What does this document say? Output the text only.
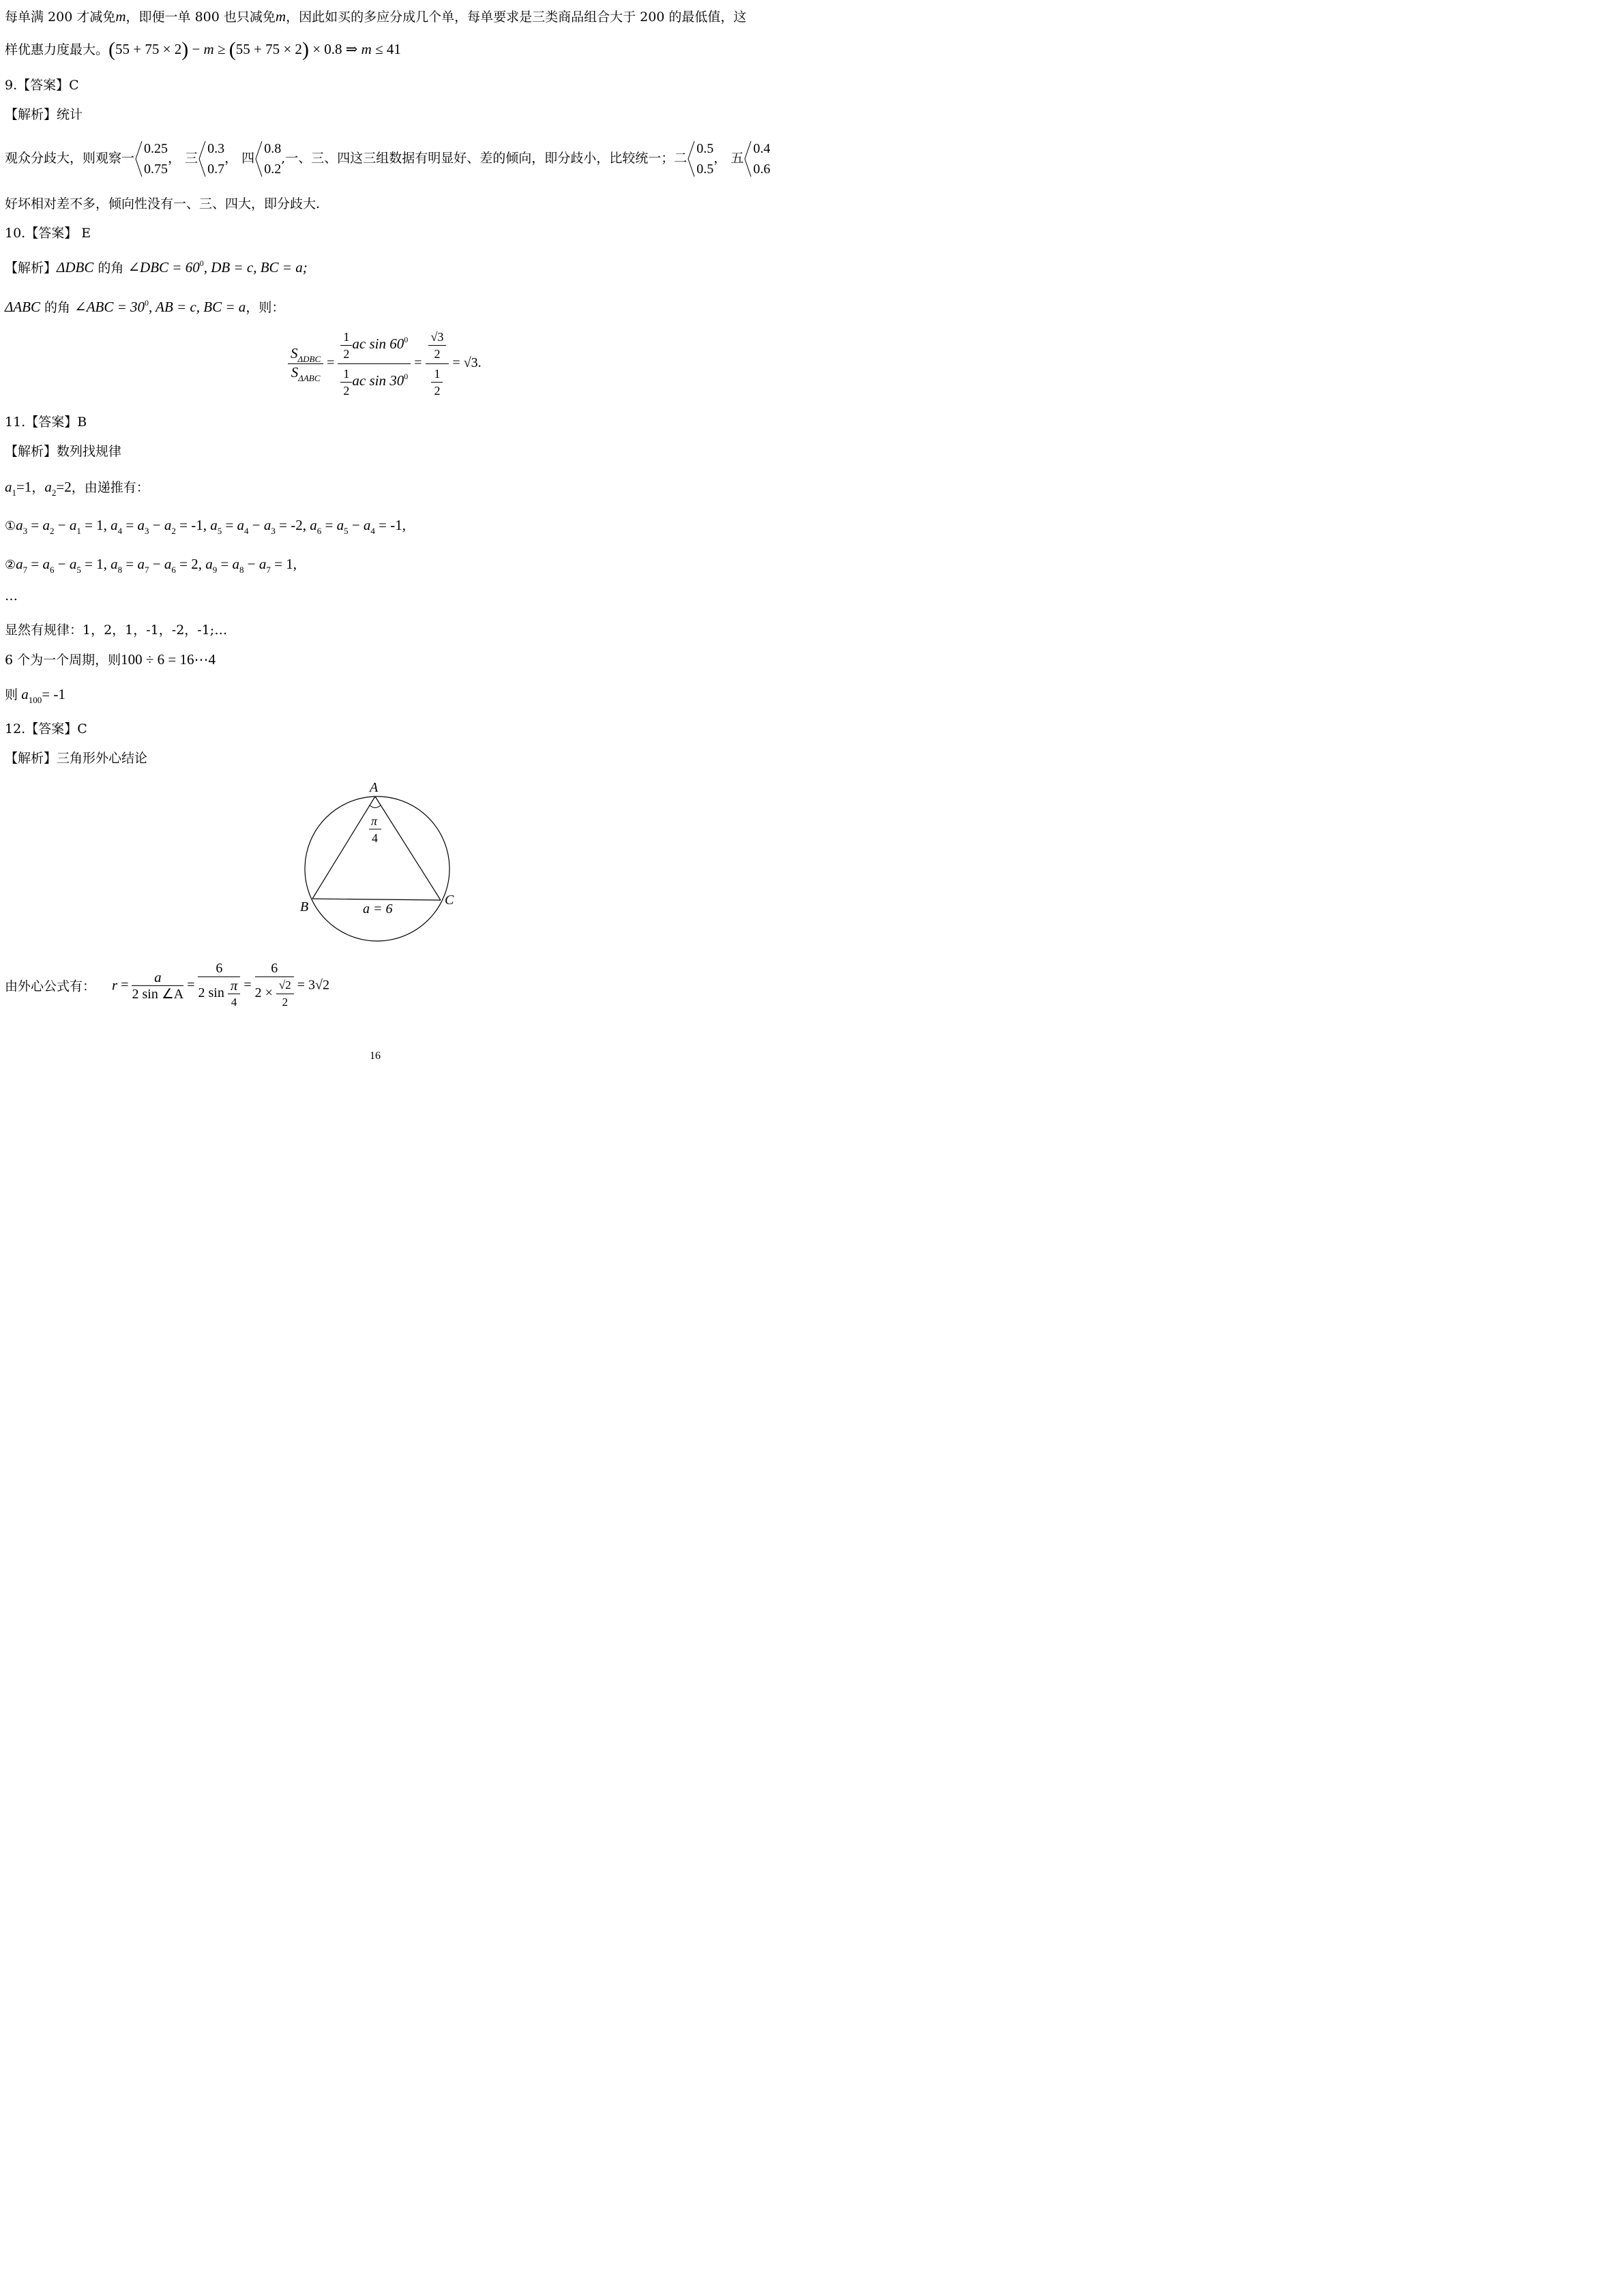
每单满 200 才减免m，即便一单 800 也只减免m，因此如买的多应分成几个单，每单要求是三类商品组合大于 200 的最低值，这
样优惠力度最大。(55 + 75 × 2) − m ≥ (55 + 75 × 2) × 0.8 ⇒ m ≤ 41
9.【答案】C
【解析】统计
观众分歧大，则观察一
0.25
0.75
， 三
0.3
0.7
， 四
0.8
0.2
,一、三、四这三组数据有明显好、差的倾向，即分歧小，比较统一；二
0.5
0.5
， 五
0.4
0.6
好坏相对差不多，倾向性没有一、三、四大，即分歧大.
10.【答案】 E
【解析】ΔDBC 的角 ∠DBC = $60^0$, DB = c, BC = a;
ΔABC 的角 ∠ABC = $30^0$, AB = c, BC = a，则：
$\frac{S_{\Delta DBC}}{S_{\Delta ABC}} = \frac{\frac{1}{2} ac \sin 60^0}{\frac{1}{2} ac \sin 30^0} = \frac{\frac{√3}{2}}{\frac{1}{2}} = √3$.
11.【答案】B
【解析】数列找规律
$a_1=1$，$a_2=2$，由递推有：
$①a_3 = a_2 - a_1 = 1$, $a_4 = a_3 - a_2 = -1$, $a_5 = a_4 - a_3 = -2$, $a_6 = a_5 - a_4 = -1$,
$②a_7 = a_6 - a_5 = 1$, $a_8 = a_7 - a_6 = 2$, $a_9 = a_8 - a_7 = 1$,
…
显然有规律：1，2，1，-1，-2，-1;…
6 个为一个周期，则100 ÷ 6 = 16⋯4
则 $a_{100}= -1$
12.【答案】C
【解析】三角形外心结论
A
B	C
π
4
a = 6
由外心公式有： $r = \frac{a}{2 \sin \angle A} = \frac{6}{2 \sin \frac{\pi}{4}} = \frac{6}{2 \times \frac{√2}{2}} = 3√2$
16
